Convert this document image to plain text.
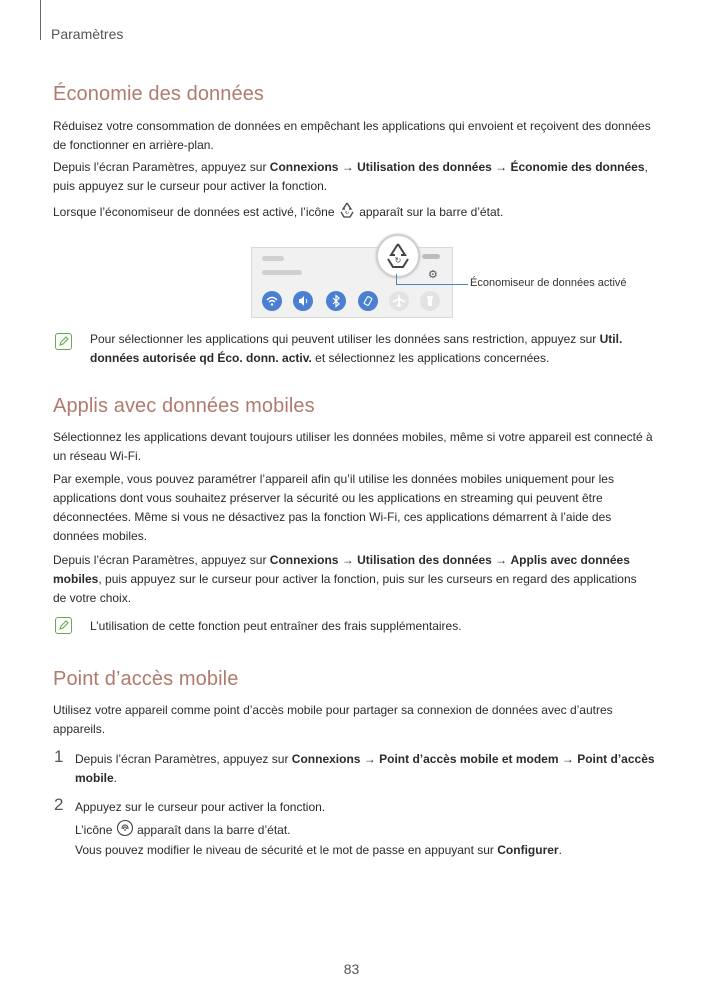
Paramètres
Économie des données

Réduisez votre consommation de données en empêchant les applications qui envoient et reçoivent des données de fonctionner en arrière-plan.

Depuis l’écran Paramètres, appuyez sur Connexions → Utilisation des données → Économie des données, puis appuyez sur le curseur pour activer la fonction.

Lorsque l’économiseur de données est activé, l’icône ↻ apparaît sur la barre d’état.

⚙
↻
Économiseur de données activé

Pour sélectionner les applications qui peuvent utiliser les données sans restriction, appuyez sur Util. données autorisée qd Éco. donn. activ. et sélectionnez les applications concernées.

Applis avec données mobiles

Sélectionnez les applications devant toujours utiliser les données mobiles, même si votre appareil est connecté à un réseau Wi-Fi.

Par exemple, vous pouvez paramétrer l’appareil afin qu’il utilise les données mobiles uniquement pour les applications dont vous souhaitez préserver la sécurité ou les applications en streaming qui peuvent être déconnectées. Même si vous ne désactivez pas la fonction Wi-Fi, ces applications démarrent à l’aide des données mobiles.

Depuis l’écran Paramètres, appuyez sur Connexions → Utilisation des données → Applis avec données mobiles, puis appuyez sur le curseur pour activer la fonction, puis sur les curseurs en regard des applications de votre choix.

L’utilisation de cette fonction peut entraîner des frais supplémentaires.

Point d’accès mobile

Utilisez votre appareil comme point d’accès mobile pour partager sa connexion de données avec d’autres appareils.

1 Depuis l’écran Paramètres, appuyez sur Connexions → Point d’accès mobile et modem → Point d’accès mobile.

2 Appuyez sur le curseur pour activer la fonction.

L’icône apparaît dans la barre d’état.

Vous pouvez modifier le niveau de sécurité et le mot de passe en appuyant sur Configurer.

83
